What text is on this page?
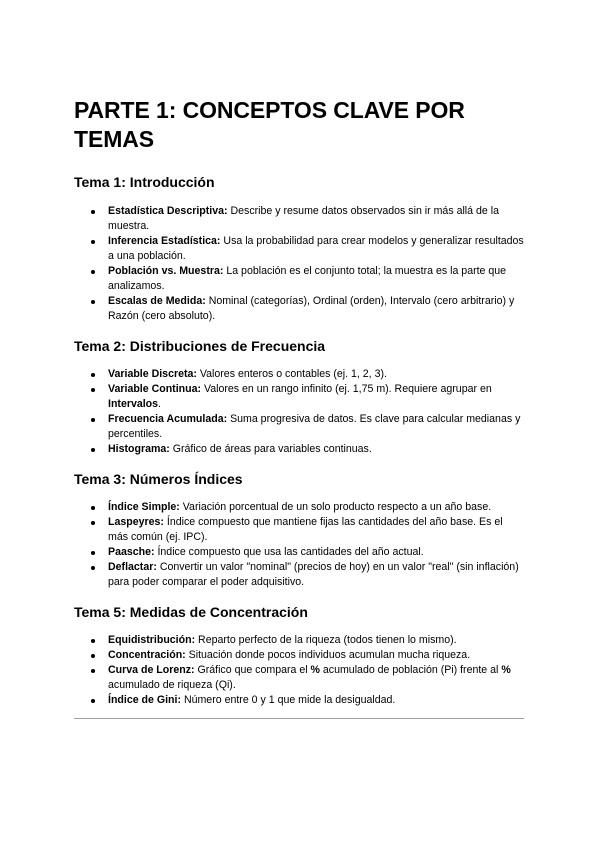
PARTE 1: CONCEPTOS CLAVE POR TEMAS
Tema 1: Introducción
Estadística Descriptiva: Describe y resume datos observados sin ir más allá de la muestra.
Inferencia Estadística: Usa la probabilidad para crear modelos y generalizar resultados a una población.
Población vs. Muestra: La población es el conjunto total; la muestra es la parte que analizamos.
Escalas de Medida: Nominal (categorías), Ordinal (orden), Intervalo (cero arbitrario) y Razón (cero absoluto).
Tema 2: Distribuciones de Frecuencia
Variable Discreta: Valores enteros o contables (ej. 1, 2, 3).
Variable Continua: Valores en un rango infinito (ej. 1,75 m). Requiere agrupar en Intervalos.
Frecuencia Acumulada: Suma progresiva de datos. Es clave para calcular medianas y percentiles.
Histograma: Gráfico de áreas para variables continuas.
Tema 3: Números Índices
Índice Simple: Variación porcentual de un solo producto respecto a un año base.
Laspeyres: Índice compuesto que mantiene fijas las cantidades del año base. Es el más común (ej. IPC).
Paasche: Índice compuesto que usa las cantidades del año actual.
Deflactar: Convertir un valor "nominal" (precios de hoy) en un valor "real" (sin inflación) para poder comparar el poder adquisitivo.
Tema 5: Medidas de Concentración
Equidistribución: Reparto perfecto de la riqueza (todos tienen lo mismo).
Concentración: Situación donde pocos individuos acumulan mucha riqueza.
Curva de Lorenz: Gráfico que compara el % acumulado de población (Pi) frente al % acumulado de riqueza (Qi).
Índice de Gini: Número entre 0 y 1 que mide la desigualdad.
